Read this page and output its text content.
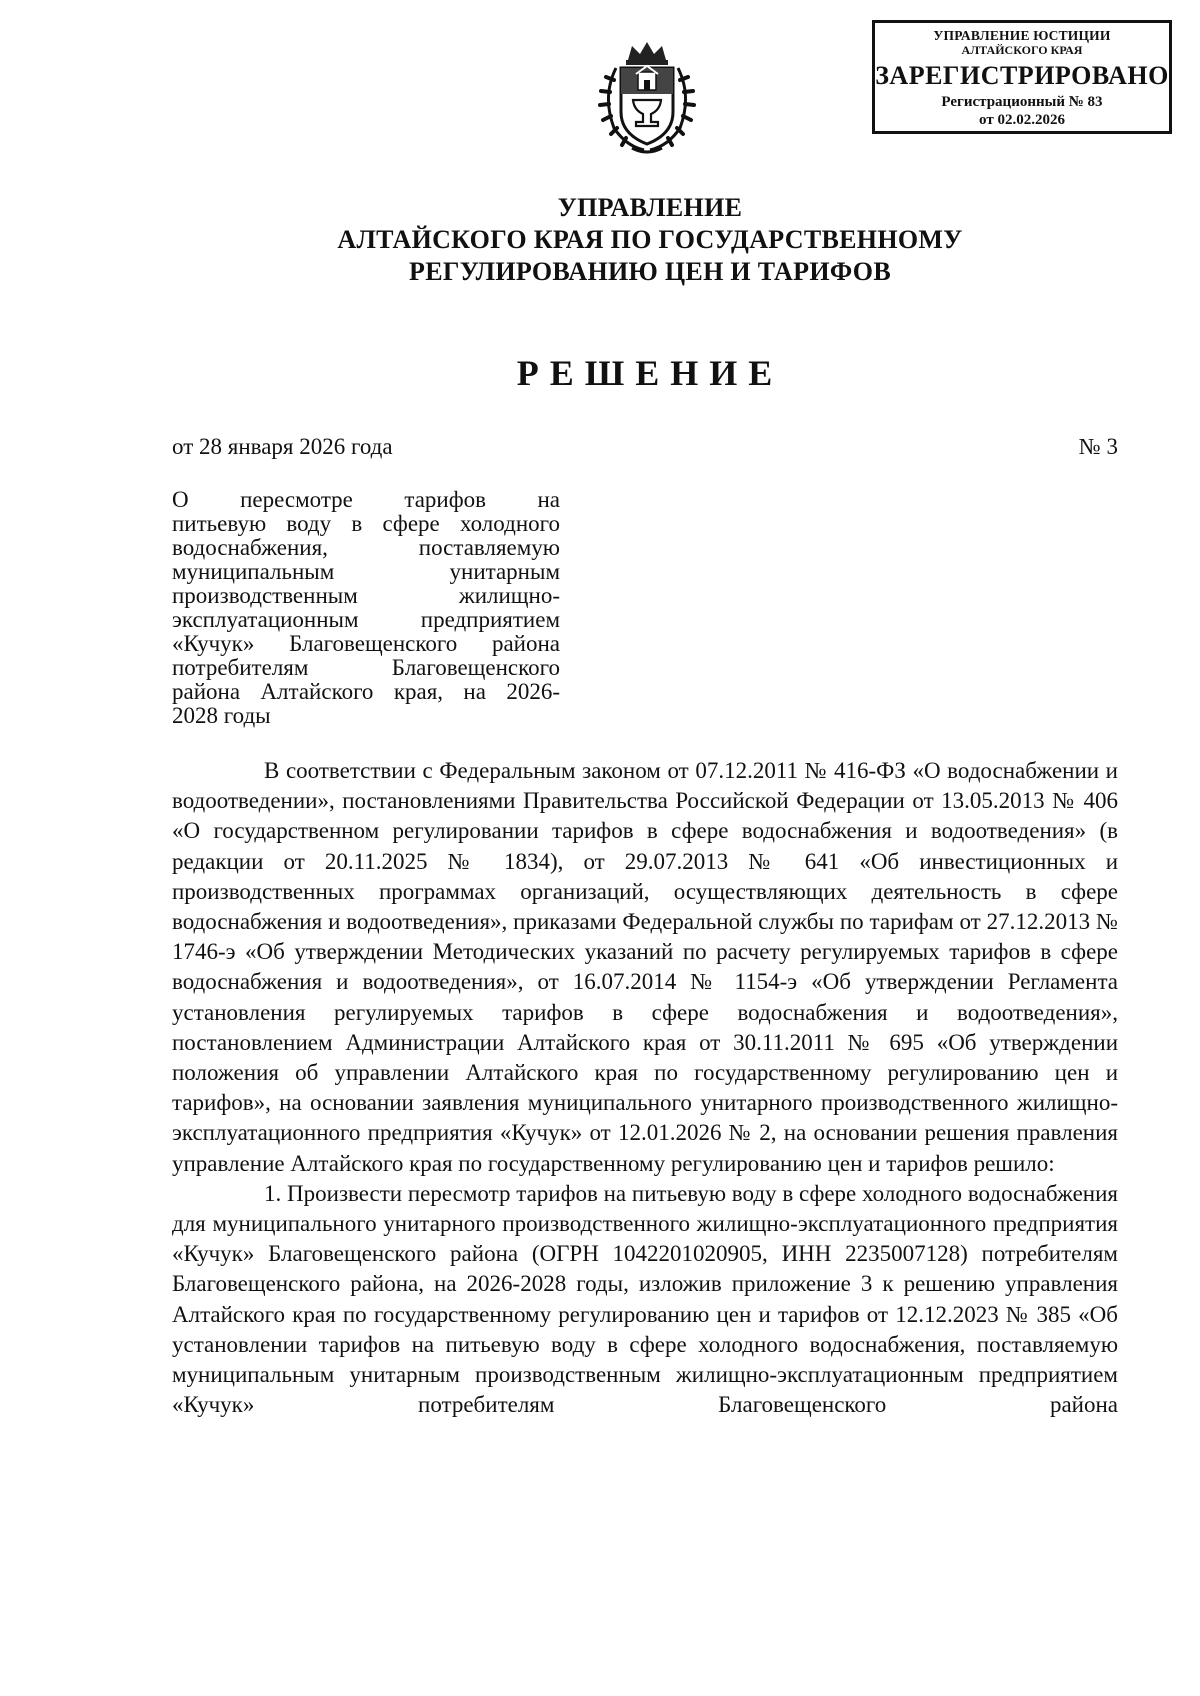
УПРАВЛЕНИЕ ЮСТИЦИИ
АЛТАЙСКОГО КРАЯ
ЗАРЕГИСТРИРОВАНО
Регистрационный № 83
от 02.02.2026
УПРАВЛЕНИЕ
АЛТАЙСКОГО КРАЯ ПО ГОСУДАРСТВЕННОМУ
РЕГУЛИРОВАНИЮ ЦЕН И ТАРИФОВ
РЕШЕНИЕ
от 28 января 2026 года	№ 3
О пересмотре тарифов на
питьевую воду в сфере холодного
водоснабжения, поставляемую
муниципальным унитарным
производственным жилищно-
эксплуатационным предприятием
«Кучук» Благовещенского района
потребителям Благовещенского
района Алтайского края, на 2026-
2028 годы

В соответствии с Федеральным законом от 07.12.2011 № 416-ФЗ «О водоснабжении и водоотведении», постановлениями Правительства Российской Федерации от 13.05.2013 № 406 «О государственном регулировании тарифов в сфере водоснабжения и водоотведения» (в редакции от 20.11.2025 № 1834), от 29.07.2013 № 641 «Об инвестиционных и производственных программах организаций, осуществляющих деятельность в сфере водоснабжения и водоотведения», приказами Федеральной службы по тарифам от 27.12.2013 № 1746-э «Об утверждении Методических указаний по расчету регулируемых тарифов в сфере водоснабжения и водоотведения», от 16.07.2014 № 1154-э «Об утверждении Регламента установления регулируемых тарифов в сфере водоснабжения и водоотведения», постановлением Администрации Алтайского края от 30.11.2011 № 695 «Об утверждении положения об управлении Алтайского края по государственному регулированию цен и тарифов», на основании заявления муниципального унитарного производственного жилищно-эксплуатационного предприятия «Кучук» от 12.01.2026 № 2, на основании решения правления управление Алтайского края по государственному регулированию цен и тарифов решило:

1. Произвести пересмотр тарифов на питьевую воду в сфере холодного водоснабжения для муниципального унитарного производственного жилищно-эксплуатационного предприятия «Кучук» Благовещенского района (ОГРН 1042201020905, ИНН 2235007128) потребителям Благовещенского района, на 2026-2028 годы, изложив приложение 3 к решению управления Алтайского края по государственному регулированию цен и тарифов от 12.12.2023 № 385 «Об установлении тарифов на питьевую воду в сфере холодного водоснабжения, поставляемую муниципальным унитарным производственным жилищно-эксплуатационным предприятием «Кучук» потребителям Благовещенского района
